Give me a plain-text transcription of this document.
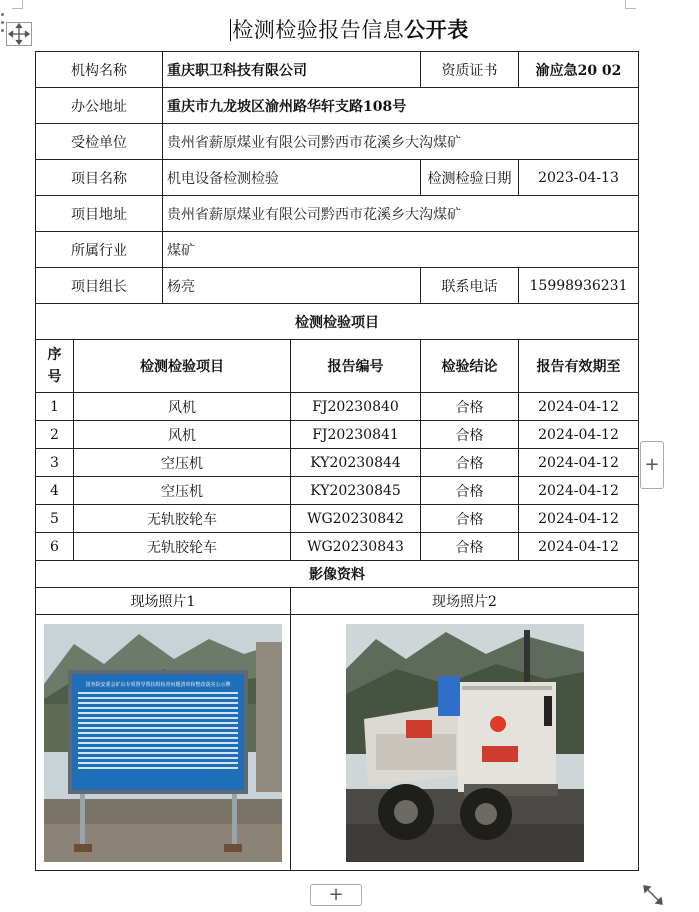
检测检验报告信息公开表
机构名称		重庆职卫科技有限公司		资质证书	渝应急20 02
办公地址		重庆市九龙坡区渝州路华轩支路108号			
受检单位		贵州省薪原煤业有限公司黔西市花溪乡大沟煤矿			
项目名称		机电设备检测检验		检测检验日期	2023-04-13
项目地址		贵州省薪原煤业有限公司黔西市花溪乡大沟煤矿			
所属行业		煤矿			
项目组长		杨亮		联系电话	15998936231
检测检验项目					
序号	检测检验项目		报告编号	检验结论	报告有效期至
1	风机		FJ20230840	合格	2024-04-12
2	风机		FJ20230841	合格	2024-04-12
3	空压机		KY20230844	合格	2024-04-12
4	空压机		KY20230845	合格	2024-04-12
5	无轨胶轮车		WG20230842	合格	2024-04-12
6	无轨胶轮车		WG20230843	合格	2024-04-12
影像资料					
现场照片1			现场照片2		

国务院安委会矿山专项督导帮扶组检查问题清单和整改落实公示牌

+
+
